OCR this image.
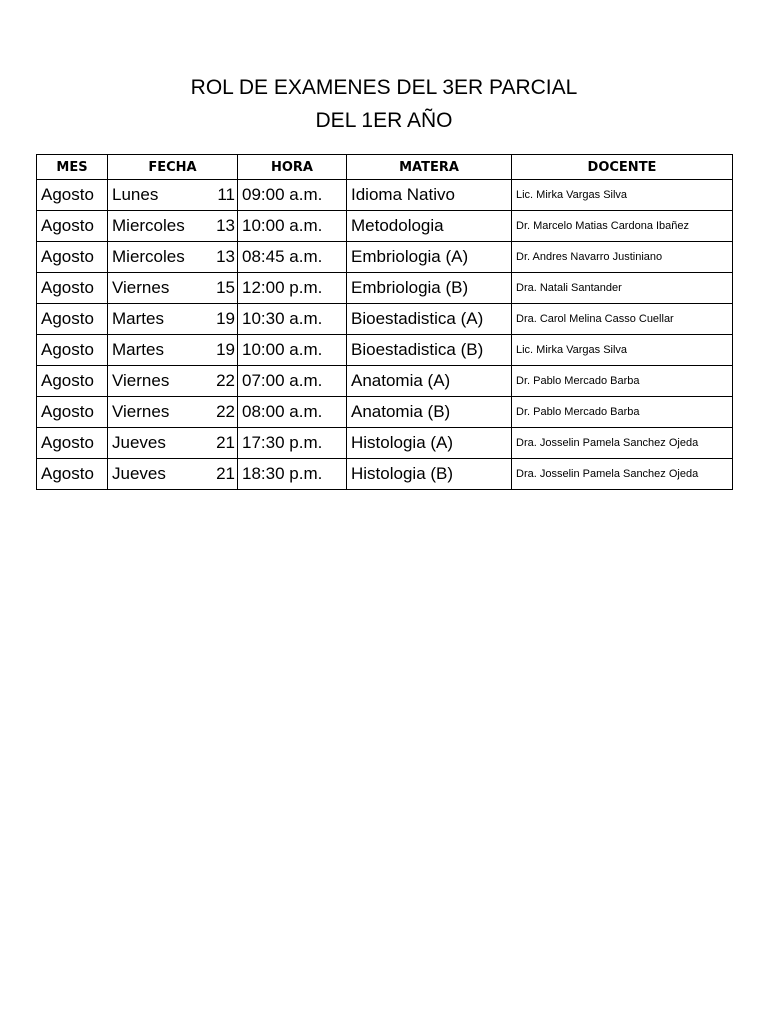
ROL DE EXAMENES DEL 3ER PARCIAL
DEL 1ER AÑO
MES	FECHA		HORA	MATERA	DOCENTE
Agosto	Lunes	11	09:00 a.m.	Idioma Nativo	Lic. Mirka Vargas Silva
Agosto	Miercoles	13	10:00 a.m.	Metodologia	Dr. Marcelo Matias Cardona Ibañez
Agosto	Miercoles	13	08:45 a.m.	Embriologia (A)	Dr. Andres Navarro Justiniano
Agosto	Viernes	15	12:00 p.m.	Embriologia (B)	Dra. Natali Santander
Agosto	Martes	19	10:30 a.m.	Bioestadistica (A)	Dra. Carol Melina Casso Cuellar
Agosto	Martes	19	10:00 a.m.	Bioestadistica (B)	Lic. Mirka Vargas Silva
Agosto	Viernes	22	07:00 a.m.	Anatomia (A)	Dr. Pablo Mercado Barba
Agosto	Viernes	22	08:00 a.m.	Anatomia (B)	Dr. Pablo Mercado Barba
Agosto	Jueves	21	17:30 p.m.	Histologia (A)	Dra. Josselin Pamela Sanchez Ojeda
Agosto	Jueves	21	18:30 p.m.	Histologia (B)	Dra. Josselin Pamela Sanchez Ojeda
